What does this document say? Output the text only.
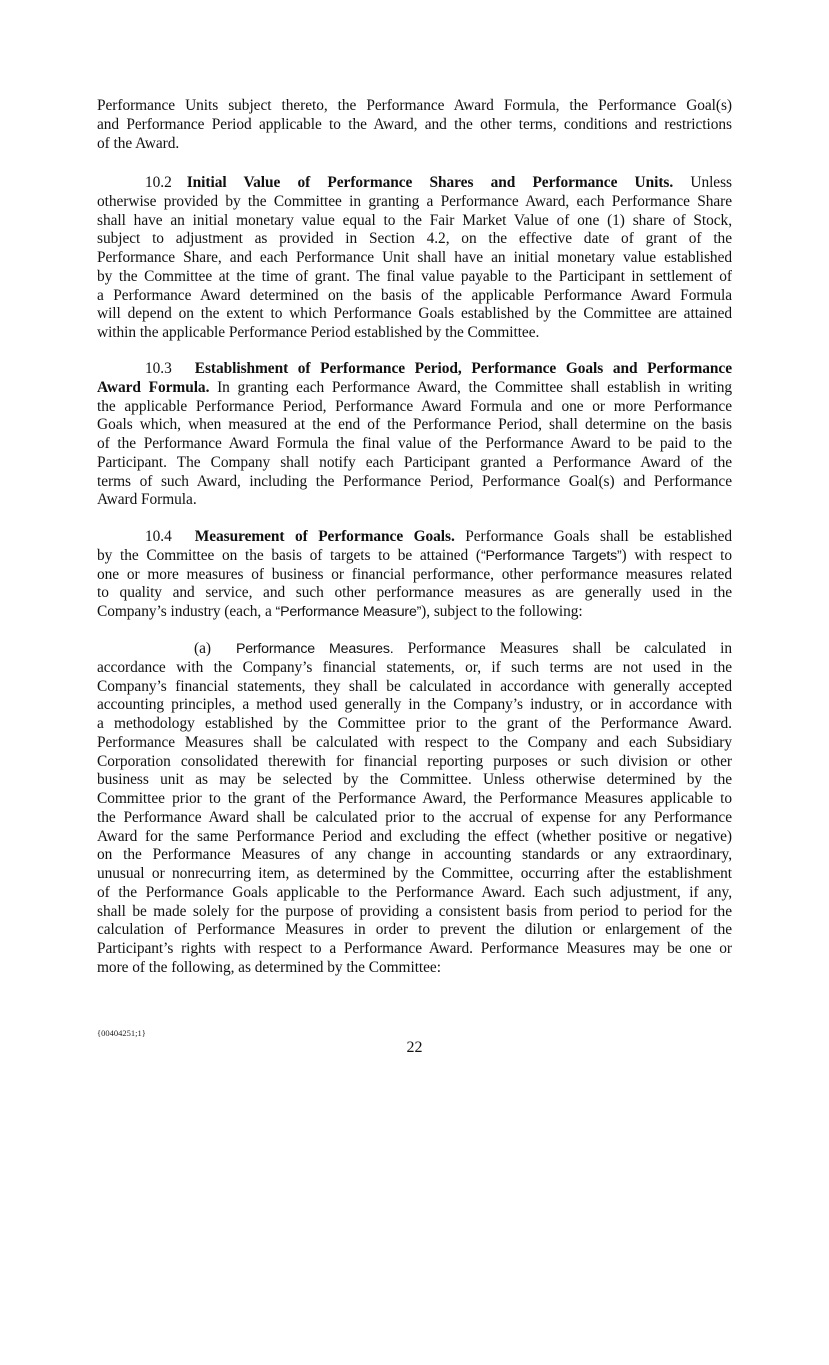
Performance Units subject thereto, the Performance Award Formula, the Performance Goal(s)
and Performance Period applicable to the Award, and the other terms, conditions and restrictions
of the Award.
10.2 Initial Value of Performance Shares and Performance Units. Unless
otherwise provided by the Committee in granting a Performance Award, each Performance Share
shall have an initial monetary value equal to the Fair Market Value of one (1) share of Stock,
subject to adjustment as provided in Section 4.2, on the effective date of grant of the
Performance Share, and each Performance Unit shall have an initial monetary value established
by the Committee at the time of grant. The final value payable to the Participant in settlement of
a Performance Award determined on the basis of the applicable Performance Award Formula
will depend on the extent to which Performance Goals established by the Committee are attained
within the applicable Performance Period established by the Committee.
10.3 Establishment of Performance Period, Performance Goals and Performance
Award Formula. In granting each Performance Award, the Committee shall establish in writing
the applicable Performance Period, Performance Award Formula and one or more Performance
Goals which, when measured at the end of the Performance Period, shall determine on the basis
of the Performance Award Formula the final value of the Performance Award to be paid to the
Participant. The Company shall notify each Participant granted a Performance Award of the
terms of such Award, including the Performance Period, Performance Goal(s) and Performance
Award Formula.
10.4 Measurement of Performance Goals. Performance Goals shall be established
by the Committee on the basis of targets to be attained (“Performance Targets”) with respect to
one or more measures of business or financial performance, other performance measures related
to quality and service, and such other performance measures as are generally used in the
Company’s industry (each, a “Performance Measure”), subject to the following:
(a) Performance Measures. Performance Measures shall be calculated in
accordance with the Company’s financial statements, or, if such terms are not used in the
Company’s financial statements, they shall be calculated in accordance with generally accepted
accounting principles, a method used generally in the Company’s industry, or in accordance with
a methodology established by the Committee prior to the grant of the Performance Award.
Performance Measures shall be calculated with respect to the Company and each Subsidiary
Corporation consolidated therewith for financial reporting purposes or such division or other
business unit as may be selected by the Committee. Unless otherwise determined by the
Committee prior to the grant of the Performance Award, the Performance Measures applicable to
the Performance Award shall be calculated prior to the accrual of expense for any Performance
Award for the same Performance Period and excluding the effect (whether positive or negative)
on the Performance Measures of any change in accounting standards or any extraordinary,
unusual or nonrecurring item, as determined by the Committee, occurring after the establishment
of the Performance Goals applicable to the Performance Award. Each such adjustment, if any,
shall be made solely for the purpose of providing a consistent basis from period to period for the
calculation of Performance Measures in order to prevent the dilution or enlargement of the
Participant’s rights with respect to a Performance Award. Performance Measures may be one or
more of the following, as determined by the Committee:
{00404251;1}
22
